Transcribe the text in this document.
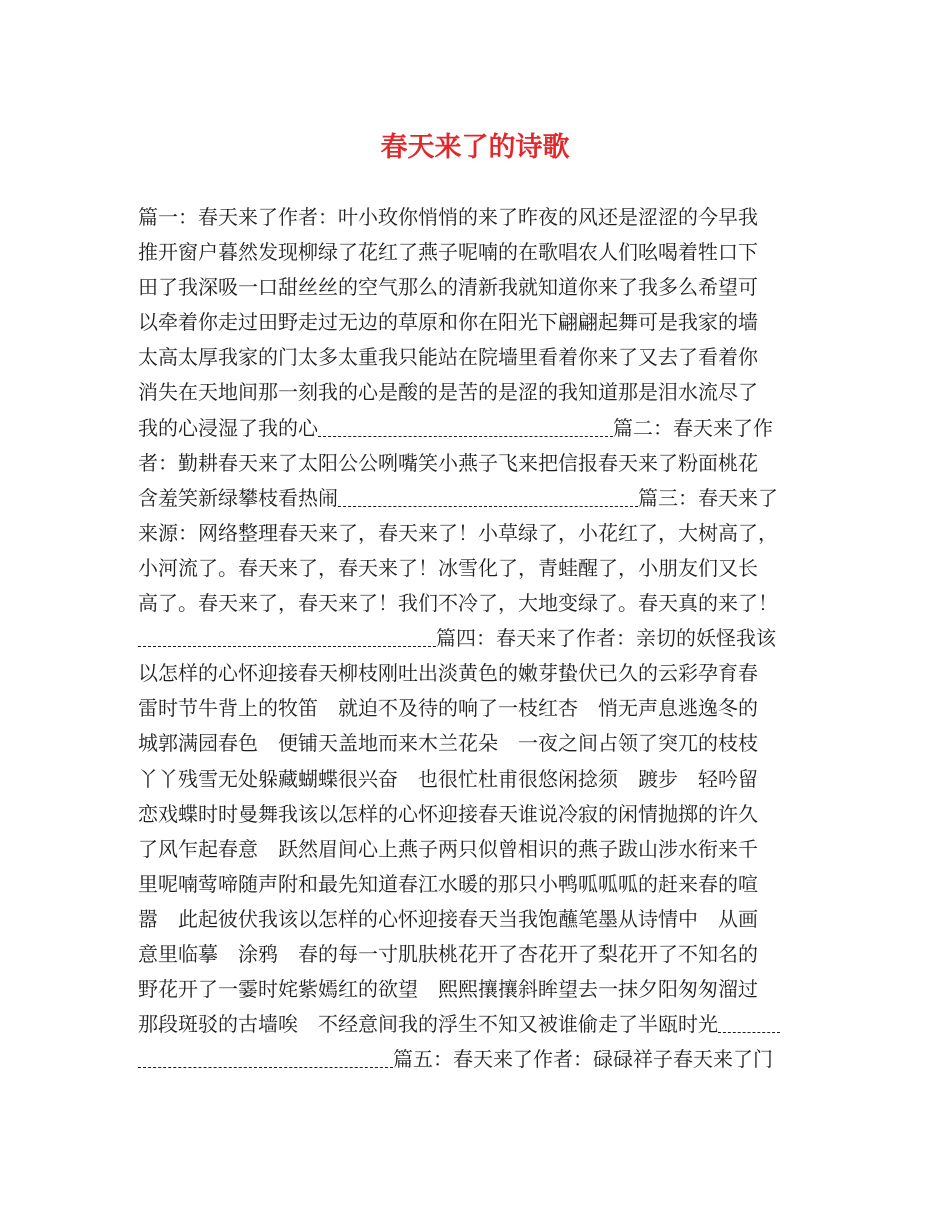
春天来了的诗歌
篇一：春天来了作者：叶小玫你悄悄的来了昨夜的风还是涩涩的今早我
推开窗户暮然发现柳绿了花红了燕子呢喃的在歌唱农人们吆喝着牲口下
田了我深吸一口甜丝丝的空气那么的清新我就知道你来了我多么希望可
以牵着你走过田野走过无边的草原和你在阳光下翩翩起舞可是我家的墙
太高太厚我家的门太多太重我只能站在院墙里看着你来了又去了看着你
消失在天地间那一刻我的心是酸的是苦的是涩的我知道那是泪水流尽了
我的心浸湿了我的心	篇二：春天来了作
者：勤耕春天来了太阳公公咧嘴笑小燕子飞来把信报春天来了粉面桃花
含羞笑新绿攀枝看热闹	篇三：春天来了
来源：网络整理春天来了，春天来了！小草绿了，小花红了，大树高了，
小河流了。春天来了，春天来了！冰雪化了，青蛙醒了，小朋友们又长
高了。春天来了，春天来了！我们不冷了，大地变绿了。春天真的来了！
篇四：春天来了作者：亲切的妖怪我该
以怎样的心怀迎接春天柳枝刚吐出淡黄色的嫩芽蛰伏已久的云彩孕育春
雷时节牛背上的牧笛　就迫不及待的响了一枝红杏　悄无声息逃逸冬的
城郭满园春色　便铺天盖地而来木兰花朵　一夜之间占领了突兀的枝枝
丫丫残雪无处躲藏蝴蝶很兴奋　也很忙杜甫很悠闲捻须　踱步　轻吟留
恋戏蝶时时曼舞我该以怎样的心怀迎接春天谁说冷寂的闲情抛掷的许久
了风乍起春意　跃然眉间心上燕子两只似曾相识的燕子跋山涉水衔来千
里呢喃莺啼随声附和最先知道春江水暖的那只小鸭呱呱呱的赶来春的喧
嚣　此起彼伏我该以怎样的心怀迎接春天当我饱蘸笔墨从诗情中　从画
意里临摹　涂鸦　春的每一寸肌肤桃花开了杏花开了梨花开了不知名的
野花开了一霎时姹紫嫣红的欲望　熙熙攘攘斜眸望去一抹夕阳匆匆溜过
那段斑驳的古墙唉　不经意间我的浮生不知又被谁偷走了半瓯时光
篇五：春天来了作者：碌碌祥子春天来了门
